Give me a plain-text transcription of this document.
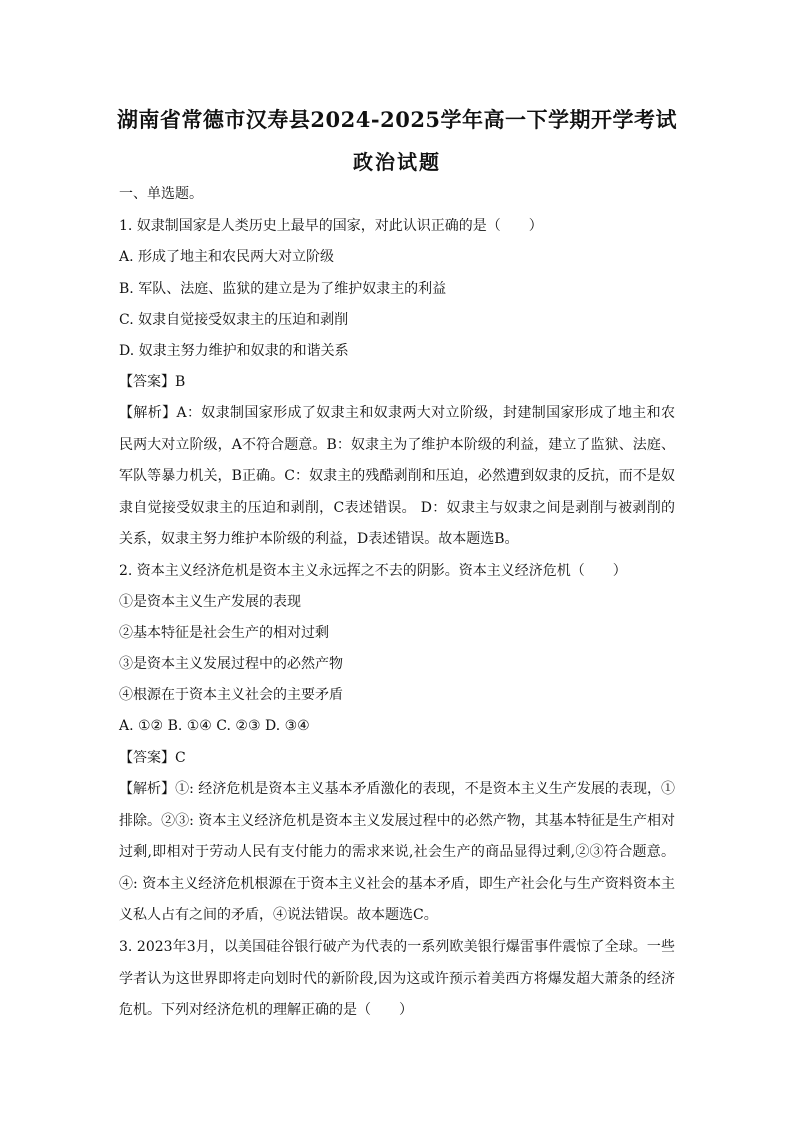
湖南省常德市汉寿县2024-2025学年高一下学期开学考试
政治试题
一、单选题。
1. 奴隶制国家是人类历史上最早的国家，对此认识正确的是（　　）
A. 形成了地主和农民两大对立阶级
B. 军队、法庭、监狱的建立是为了维护奴隶主的利益
C. 奴隶自觉接受奴隶主的压迫和剥削
D. 奴隶主努力维护和奴隶的和谐关系
【答案】B
【解析】A：奴隶制国家形成了奴隶主和奴隶两大对立阶级，封建制国家形成了地主和农民两大对立阶级，A不符合题意。B：奴隶主为了维护本阶级的利益，建立了监狱、法庭、军队等暴力机关，B正确。C：奴隶主的残酷剥削和压迫，必然遭到奴隶的反抗，而不是奴隶自觉接受奴隶主的压迫和剥削，C表述错误。 D：奴隶主与奴隶之间是剥削与被剥削的关系，奴隶主努力维护本阶级的利益，D表述错误。故本题选B。
2. 资本主义经济危机是资本主义永远挥之不去的阴影。资本主义经济危机（　　）
①是资本主义生产发展的表现
②基本特征是社会生产的相对过剩
③是资本主义发展过程中的必然产物
④根源在于资本主义社会的主要矛盾
A. ①② B. ①④ C. ②③ D. ③④
【答案】C
【解析】①: 经济危机是资本主义基本矛盾激化的表现，不是资本主义生产发展的表现，①排除。②③: 资本主义经济危机是资本主义发展过程中的必然产物，其基本特征是生产相对过剩,即相对于劳动人民有支付能力的需求来说,社会生产的商品显得过剩,②③符合题意。④: 资本主义经济危机根源在于资本主义社会的基本矛盾，即生产社会化与生产资料资本主义私人占有之间的矛盾，④说法错误。故本题选C。
3. 2023年3月，以美国硅谷银行破产为代表的一系列欧美银行爆雷事件震惊了全球。一些学者认为这世界即将走向划时代的新阶段,因为这或许预示着美西方将爆发超大萧条的经济危机。下列对经济危机的理解正确的是（　　）
